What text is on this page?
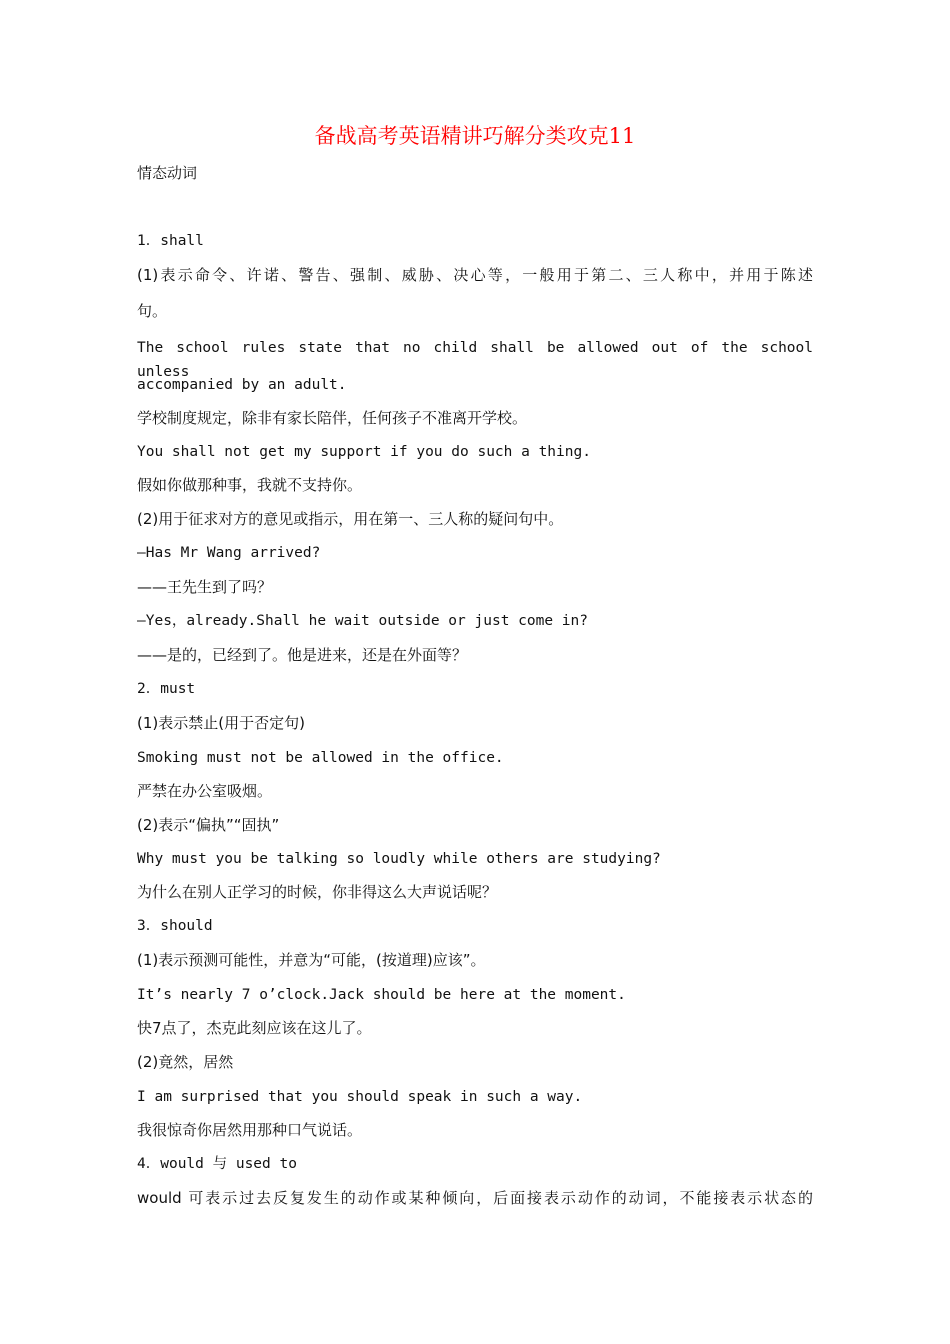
备战高考英语精讲巧解分类攻克11
情态动词
1．shall
(1)表示命令、许诺、警告、强制、威胁、决心等，一般用于第二、三人称中，并用于陈述
句。
The school rules state that no child shall be allowed out of the school unless
accompanied by an adult.
学校制度规定，除非有家长陪伴，任何孩子不准离开学校。
You shall not get my support if you do such a thing.
假如你做那种事，我就不支持你。
(2)用于征求对方的意见或指示，用在第一、三人称的疑问句中。
—Has Mr Wang arrived?
——王先生到了吗？
—Yes，already.Shall he wait outside or just come in?
——是的，已经到了。他是进来，还是在外面等？
2．must
(1)表示禁止(用于否定句)
Smoking must not be allowed in the office.
严禁在办公室吸烟。
(2)表示“偏执”“固执”
Why must you be talking so loudly while others are studying?
为什么在别人正学习的时候，你非得这么大声说话呢？
3．should
(1)表示预测可能性，并意为“可能，(按道理)应该”。
It’s nearly 7 o’clock.Jack should be here at the moment.
快7点了，杰克此刻应该在这儿了。
(2)竟然，居然
I am surprised that you should speak in such a way.
我很惊奇你居然用那种口气说话。
4．would 与 used to
would 可表示过去反复发生的动作或某种倾向，后面接表示动作的动词，不能接表示状态的
